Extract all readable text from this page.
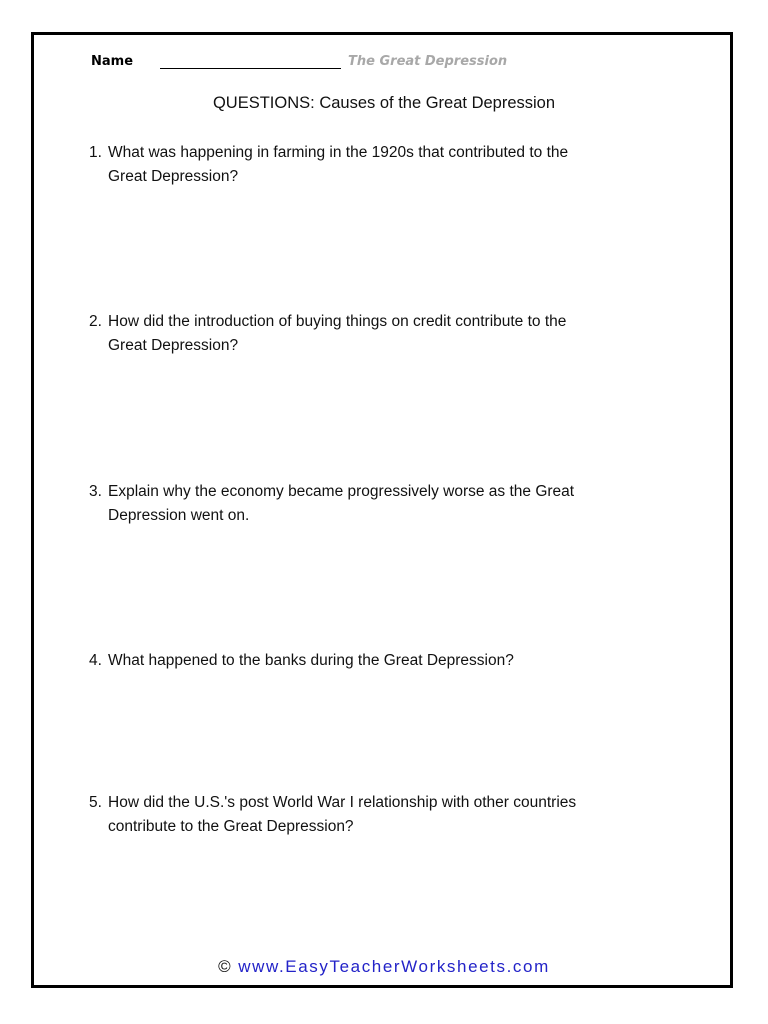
Name	The Great Depression
QUESTIONS: Causes of the Great Depression
1. What was happening in farming in the 1920s that contributed to the
Great Depression?
2. How did the introduction of buying things on credit contribute to the
Great Depression?
3. Explain why the economy became progressively worse as the Great
Depression went on.
4. What happened to the banks during the Great Depression?
5. How did the U.S.'s post World War I relationship with other countries
contribute to the Great Depression?
© www.EasyTeacherWorksheets.com
